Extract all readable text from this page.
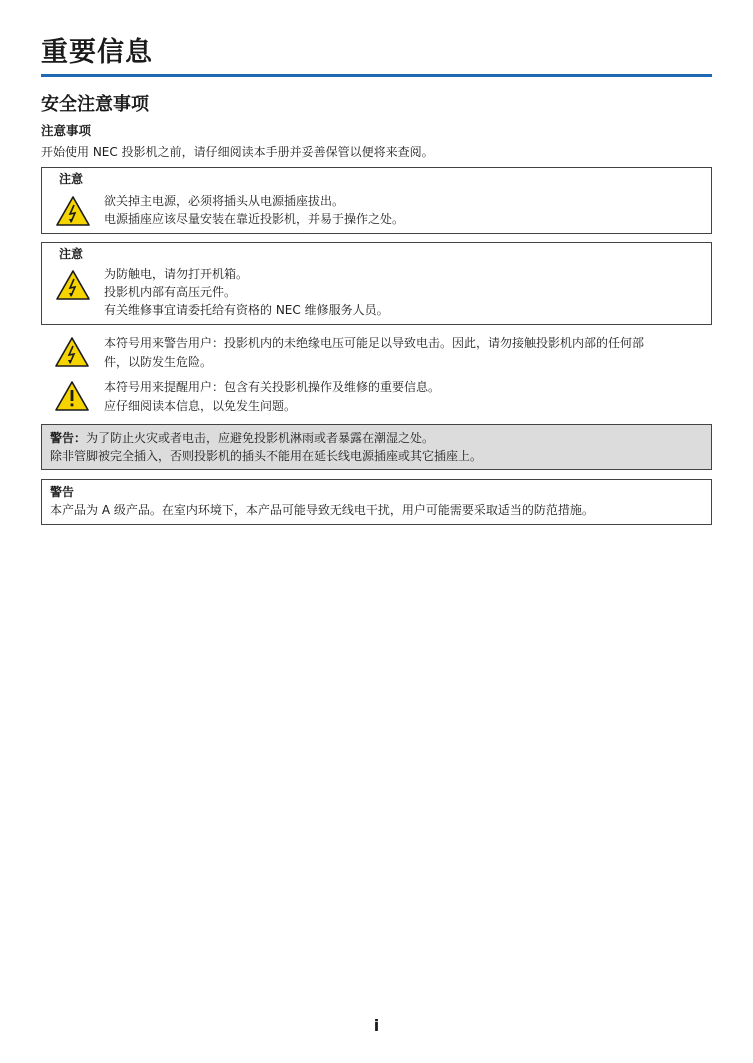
重要信息
安全注意事项
注意事项
开始使用 NEC 投影机之前，请仔细阅读本手册并妥善保管以便将来查阅。
注意
欲关掉主电源，必须将插头从电源插座拔出。
电源插座应该尽量安装在靠近投影机，并易于操作之处。
注意
为防触电，请勿打开机箱。
投影机内部有高压元件。
有关维修事宜请委托给有资格的 NEC 维修服务人员。
本符号用来警告用户：投影机内的未绝缘电压可能足以导致电击。因此，请勿接触投影机内部的任何部
件，以防发生危险。
本符号用来提醒用户：包含有关投影机操作及维修的重要信息。
应仔细阅读本信息，以免发生问题。
警告：为了防止火灾或者电击，应避免投影机淋雨或者暴露在潮湿之处。
除非管脚被完全插入，否则投影机的插头不能用在延长线电源插座或其它插座上。
警告
本产品为 A 级产品。在室内环境下，本产品可能导致无线电干扰，用户可能需要采取适当的防范措施。
i
